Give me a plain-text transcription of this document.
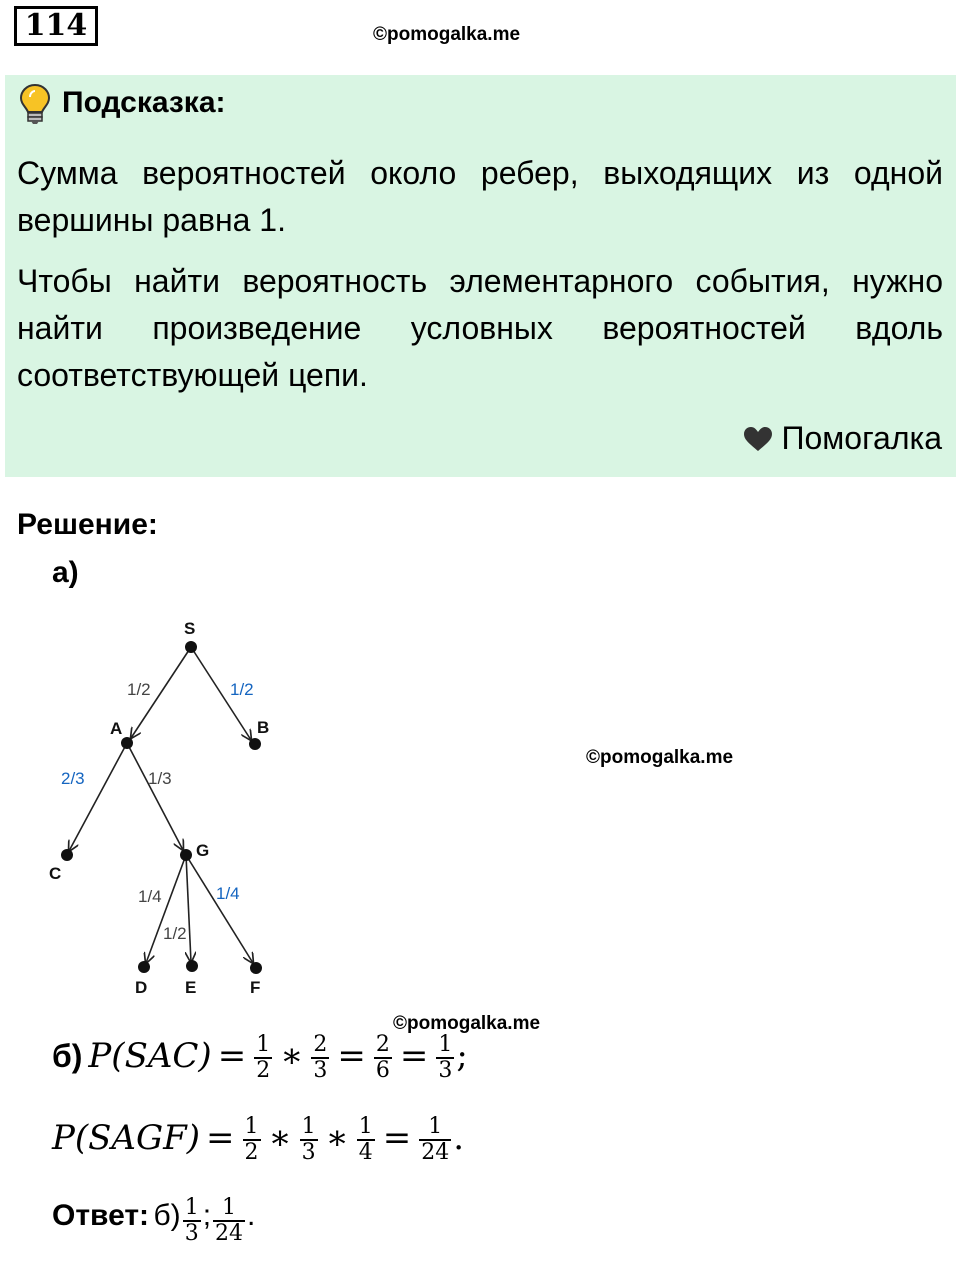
114	©pomogalka.me
Подсказка:
Сумма вероятностей около ребер, выходящих из одной вершины равна 1.
Чтобы найти вероятность элементарного события, нужно найти произведение условных вероятностей вдоль соответствующей цепи.
Помогалка
Решение:
а)
S
A	B
C
G
D E	F
1/2	1/2
2/3	1/3
1/4
1/2
1/4
©pomogalka.me
©pomogalka.me
б) $P(SAC) = \frac{1}{2}$ ∗ $\frac{2}{3} = \frac{2}{6} = \frac{1}{3}$ ;
P(SAGF) = $\frac{1}{2}$ ∗ $\frac{1}{3}$ ∗ $\frac{1}{4} = \frac{1}{24}$ .
Ответ: $б) \frac{1}{3}$ ; $\frac{1}{24}$ .
